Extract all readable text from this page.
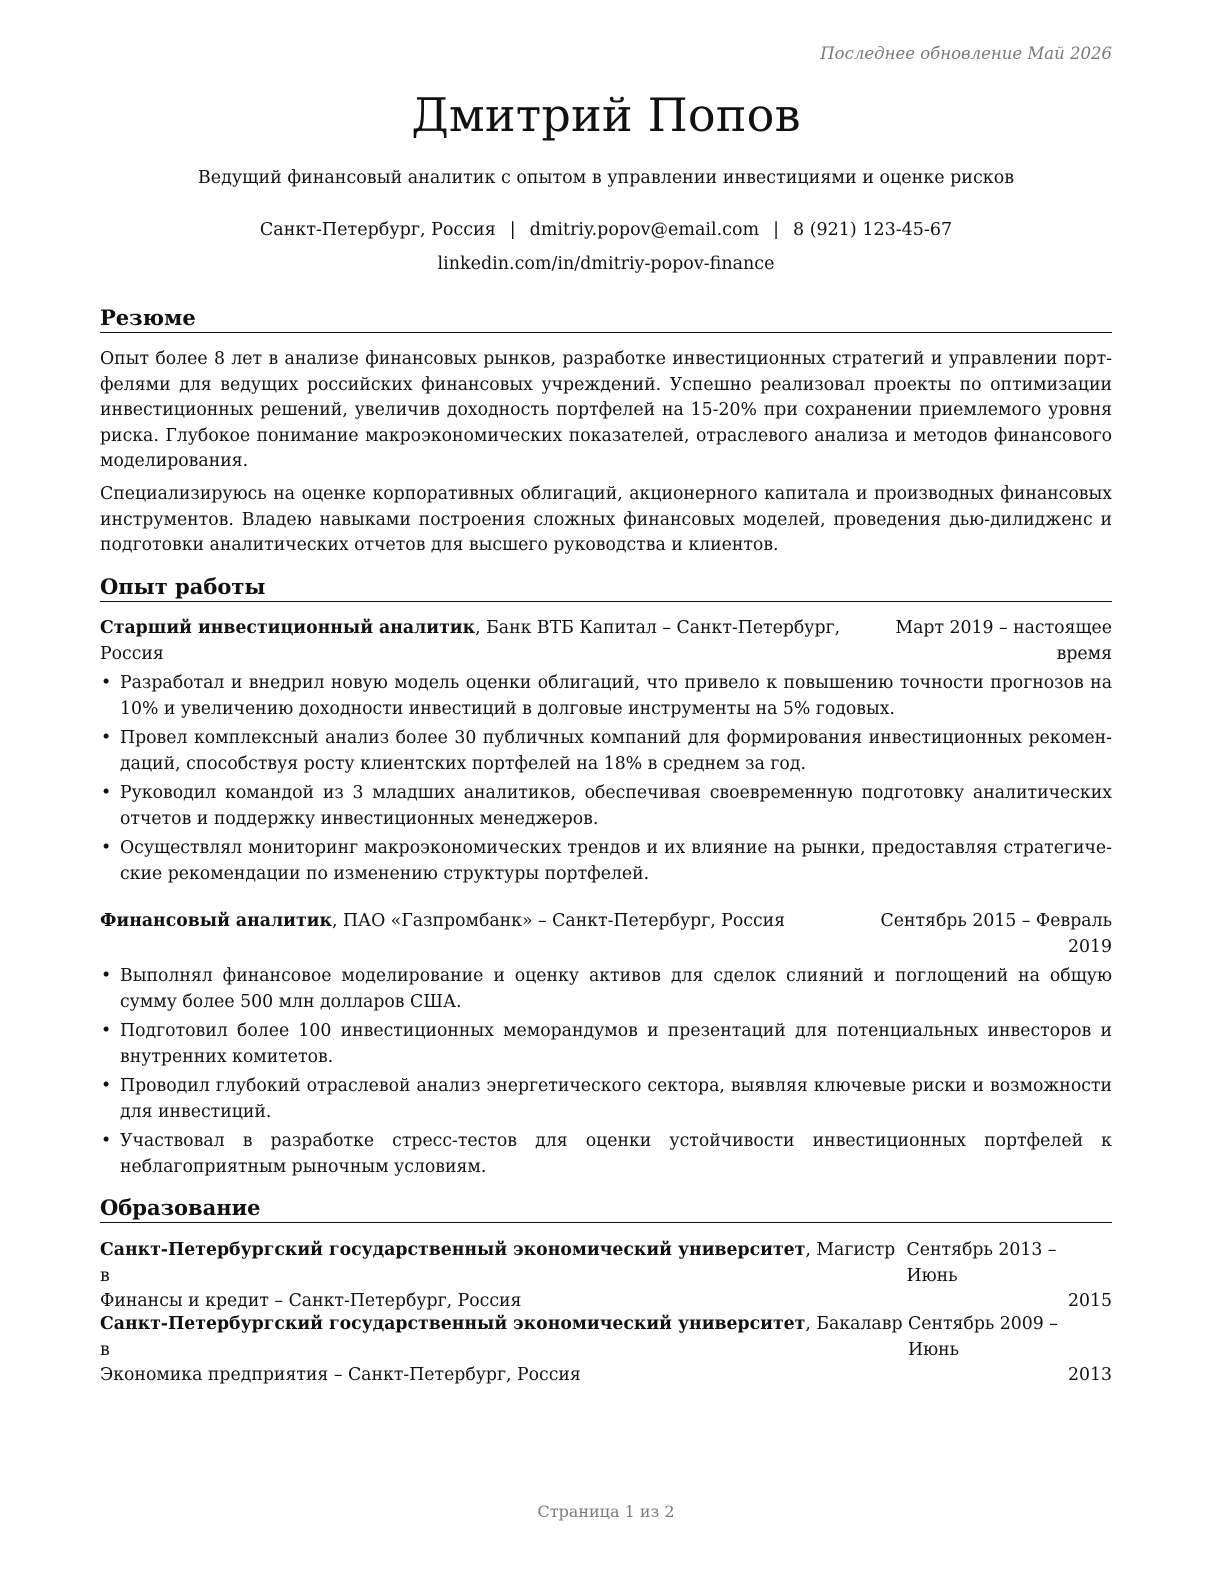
Последнее обновление Май 2026
Дмитрий Попов
Ведущий финансовый аналитик с опытом в управлении инвестициями и оценке рисков
Санкт-Петербург, Россия | dmitriy.popov@email.com | 8 (921) 123-45-67
linkedin.com/in/dmitriy-popov-finance
Резюме
Опыт более 8 лет в анализе финансовых рынков, разработке инвестиционных стратегий и управлении портфелями для ведущих российских финансовых учреждений. Успешно реализовал проекты по оптимизации инвестиционных решений, увеличив доходность портфелей на 15-20% при сохранении приемлемого уровня риска. Глубокое понимание макроэкономических показателей, отраслевого анализа и методов финансового моделирования.
Специализируюсь на оценке корпоративных облигаций, акционерного капитала и производных финансовых инструментов. Владею навыками построения сложных финансовых моделей, проведения дью-дилидженс и подготовки аналитических отчетов для высшего руководства и клиентов.
Опыт работы
Март 2019 – настоящее
время
Старший инвестиционный аналитик, Банк ВТБ Капитал – Санкт-Петербург, Россия
• Разработал и внедрил новую модель оценки облигаций, что привело к повышению точности прогнозов на 10% и увеличению доходности инвестиций в долговые инструменты на 5% годовых.
• Провел комплексный анализ более 30 публичных компаний для формирования инвестиционных рекомендаций, способствуя росту клиентских портфелей на 18% в среднем за год.
• Руководил командой из 3 младших аналитиков, обеспечивая своевременную подготовку аналитических отчетов и поддержку инвестиционных менеджеров.
• Осуществлял мониторинг макроэкономических трендов и их влияние на рынки, предоставляя стратегические рекомендации по изменению структуры портфелей.
Сентябрь 2015 – Февраль
2019
Финансовый аналитик, ПАО «Газпромбанк» – Санкт-Петербург, Россия
• Выполнял финансовое моделирование и оценку активов для сделок слияний и поглощений на общую сумму более 500 млн долларов США.
• Подготовил более 100 инвестиционных меморандумов и презентаций для потенциальных инвесторов и внутренних комитетов.
• Проводил глубокий отраслевой анализ энергетического сектора, выявляя ключевые риски и возможности для инвестиций.
• Участвовал в разработке стресс-тестов для оценки устойчивости инвестиционных портфелей к неблагоприятным рыночным условиям.
Образование
Санкт-Петербургский государственный экономический университет, Магистр в
Сентябрь 2013 – Июнь
Финансы и кредит – Санкт-Петербург, Россия	2015
Санкт-Петербургский государственный экономический университет, Бакалавр в
Сентябрь 2009 – Июнь
Экономика предприятия – Санкт-Петербург, Россия	2013
Страница 1 из 2
